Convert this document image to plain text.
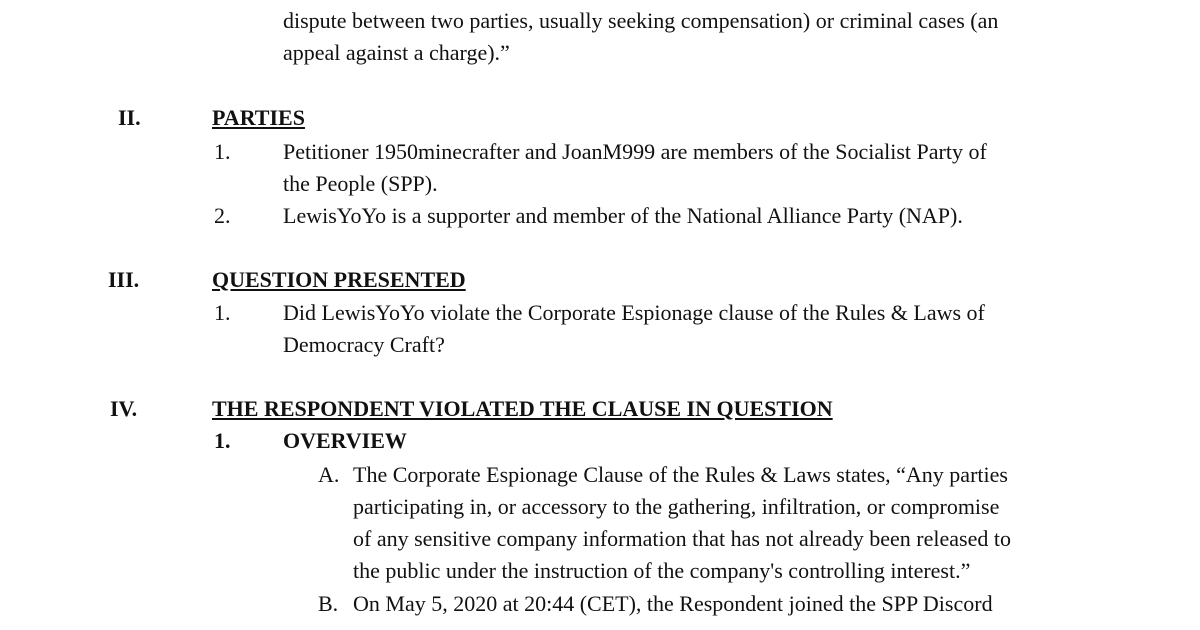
dispute between two parties, usually seeking compensation) or criminal cases (an
appeal against a charge).”
II.	PARTIES
1. Petitioner 1950minecrafter and JoanM999 are members of the Socialist Party of
the People (SPP).
2. LewisYoYo is a supporter and member of the National Alliance Party (NAP).
III.	QUESTION PRESENTED
1. Did LewisYoYo violate the Corporate Espionage clause of the Rules & Laws of
Democracy Craft?
IV.	THE RESPONDENT VIOLATED THE CLAUSE IN QUESTION
1. OVERVIEW
A. The Corporate Espionage Clause of the Rules & Laws states, “Any parties
participating in, or accessory to the gathering, infiltration, or compromise
of any sensitive company information that has not already been released to
the public under the instruction of the company's controlling interest.”
B. On May 5, 2020 at 20:44 (CET), the Respondent joined the SPP Discord
